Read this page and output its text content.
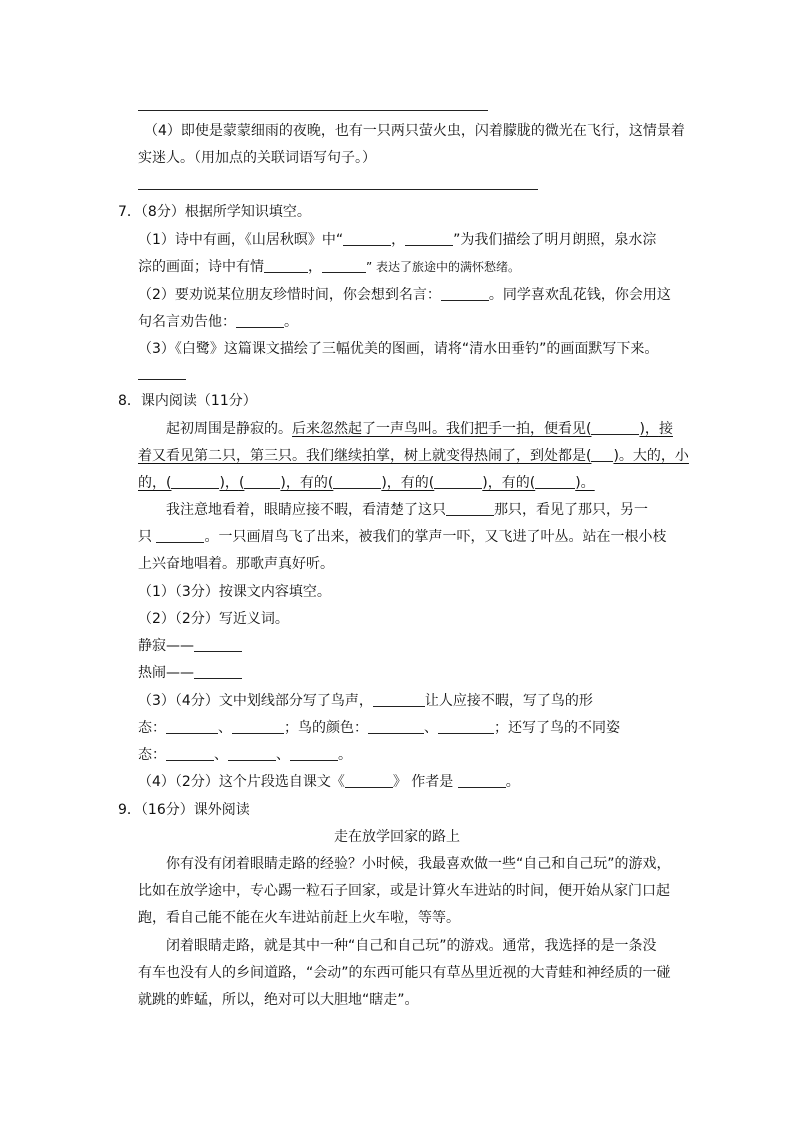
（4）即使是蒙蒙细雨的夜晚，也有一只两只萤火虫，闪着朦胧的微光在飞行，这情景着
实迷人。（用加点的关联词语写句子。）
7．（8分）根据所学知识填空。
（1）诗中有画，《山居秋暝》中“	，	”为我们描绘了明月朗照，泉水淙
淙的画面；诗中有情	，	” 表达了旅途中的满怀愁绪。
（2）要劝说某位朋友珍惜时间，你会想到名言：	。同学喜欢乱花钱，你会用这
句名言劝告他：	。
（3）《白鹭》这篇课文描绘了三幅优美的图画，请将“清水田垂钓”的画面默写下来。
8．课内阅读（11分）
起初周围是静寂的。后来忽然起了一声鸟叫。我们把手一拍，便看见(	)，接
着又看见第二只，第三只。我们继续拍掌，树上就变得热闹了，到处都是( )。大的，小
的，(	)，(	)，有的(	)，有的(	)，有的(	)。
我注意地看着，眼睛应接不暇，看清楚了这只	那只，看见了那只，另一
只	。一只画眉鸟飞了出来，被我们的掌声一吓，又飞进了叶丛。站在一根小枝
上兴奋地唱着。那歌声真好听。
（1）（3分）按课文内容填空。
（2）（2分）写近义词。
静寂——
热闹——
（3）（4分）文中划线部分写了鸟声，	让人应接不暇，写了鸟的形
态：	、	；鸟的颜色：	、	；还写了鸟的不同姿
态：	、	、	。
（4）（2分）这个片段选自课文《	》 作者是	。
9．（16分）课外阅读
走在放学回家的路上
你有没有闭着眼睛走路的经验？小时候，我最喜欢做一些“自己和自己玩”的游戏，
比如在放学途中，专心踢一粒石子回家，或是计算火车进站的时间，便开始从家门口起
跑，看自己能不能在火车进站前赶上火车啦，等等。
闭着眼睛走路，就是其中一种“自己和自己玩”的游戏。通常，我选择的是一条没
有车也没有人的乡间道路，“会动”的东西可能只有草丛里近视的大青蛙和神经质的一碰
就跳的蚱蜢，所以，绝对可以大胆地“瞎走”。
